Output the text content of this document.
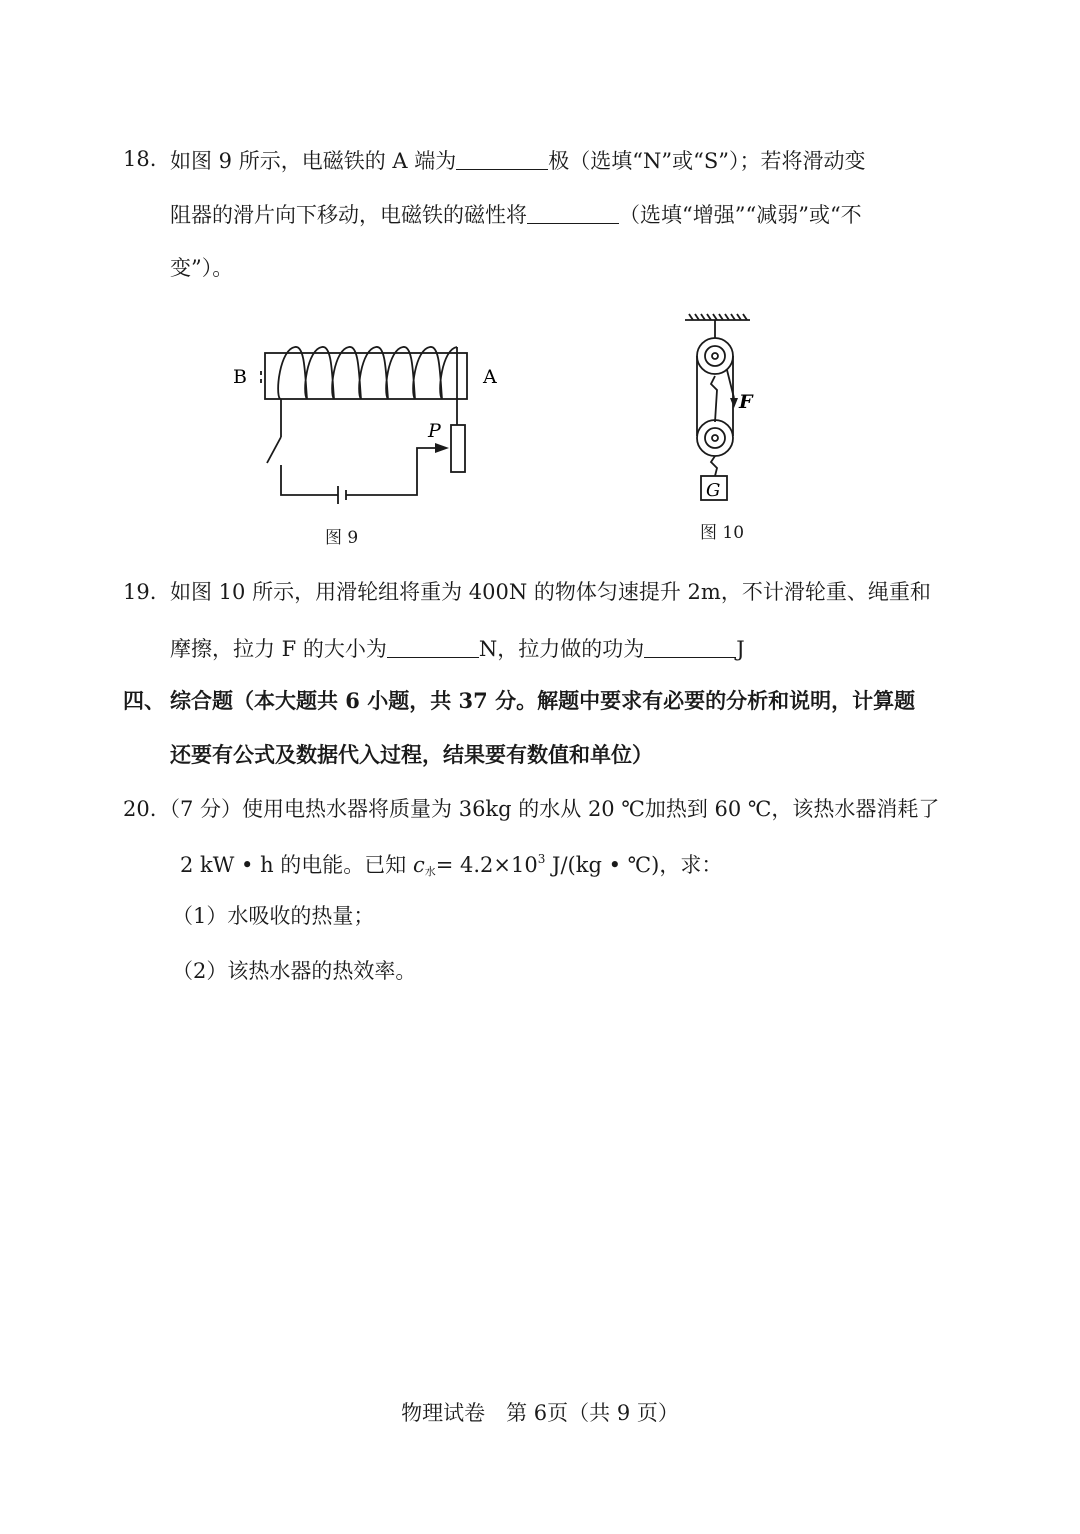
18. 如图 9 所示，电磁铁的 A 端为	极（选填“N”或“S”）；若将滑动变
阻器的滑片向下移动，电磁铁的磁性将	（选填“增强”“减弱”或“不
变”）。
B	A
P
图 9
F
G
图 10
19. 如图 10 所示，用滑轮组将重为 400N 的物体匀速提升 2m，不计滑轮重、绳重和
摩擦，拉力 F 的大小为	N，拉力做的功为	J
四、 综合题（本大题共 6 小题，共 37 分。解题中要求有必要的分析和说明，计算题
还要有公式及数据代入过程，结果要有数值和单位）
20. （7 分）使用电热水器将质量为 36kg 的水从 20 ℃加热到 60 ℃，该热水器消耗了
2 kW • h 的电能。已知 $c_水= 4.2\times 10^3$ J/(kg • ℃)，求：
（1）水吸收的热量；
（2）该热水器的热效率。
物理试卷　第 6页（共 9 页）
